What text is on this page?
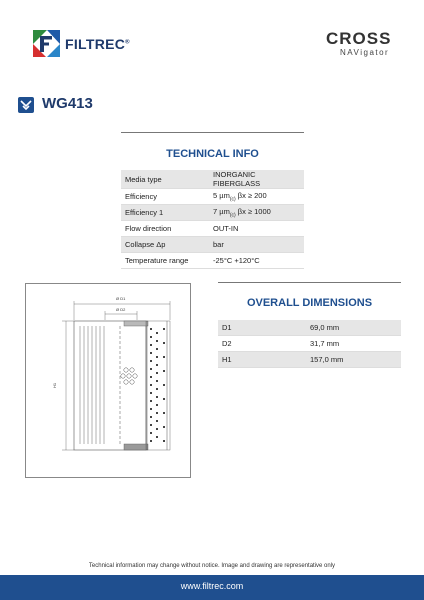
FILTREC®	CROSS
NAVigator
WG413
TECHNICAL INFO
Media type	INORGANIC FIBERGLASS
Efficiency	5 µm$_{(c)}$ βx ≥ 200
Efficiency 1	7 µm$_{(c)}$ βx ≥ 1000
Flow direction	OUT-IN
Collapse Δp	bar
Temperature range	-25°C +120°C
Ø D1
Ø D2
H1
OVERALL DIMENSIONS
D1	69,0 mm
D2	31,7 mm
H1	157,0 mm
Technical information may change without notice. Image and drawing are representative only
www.filtrec.com
